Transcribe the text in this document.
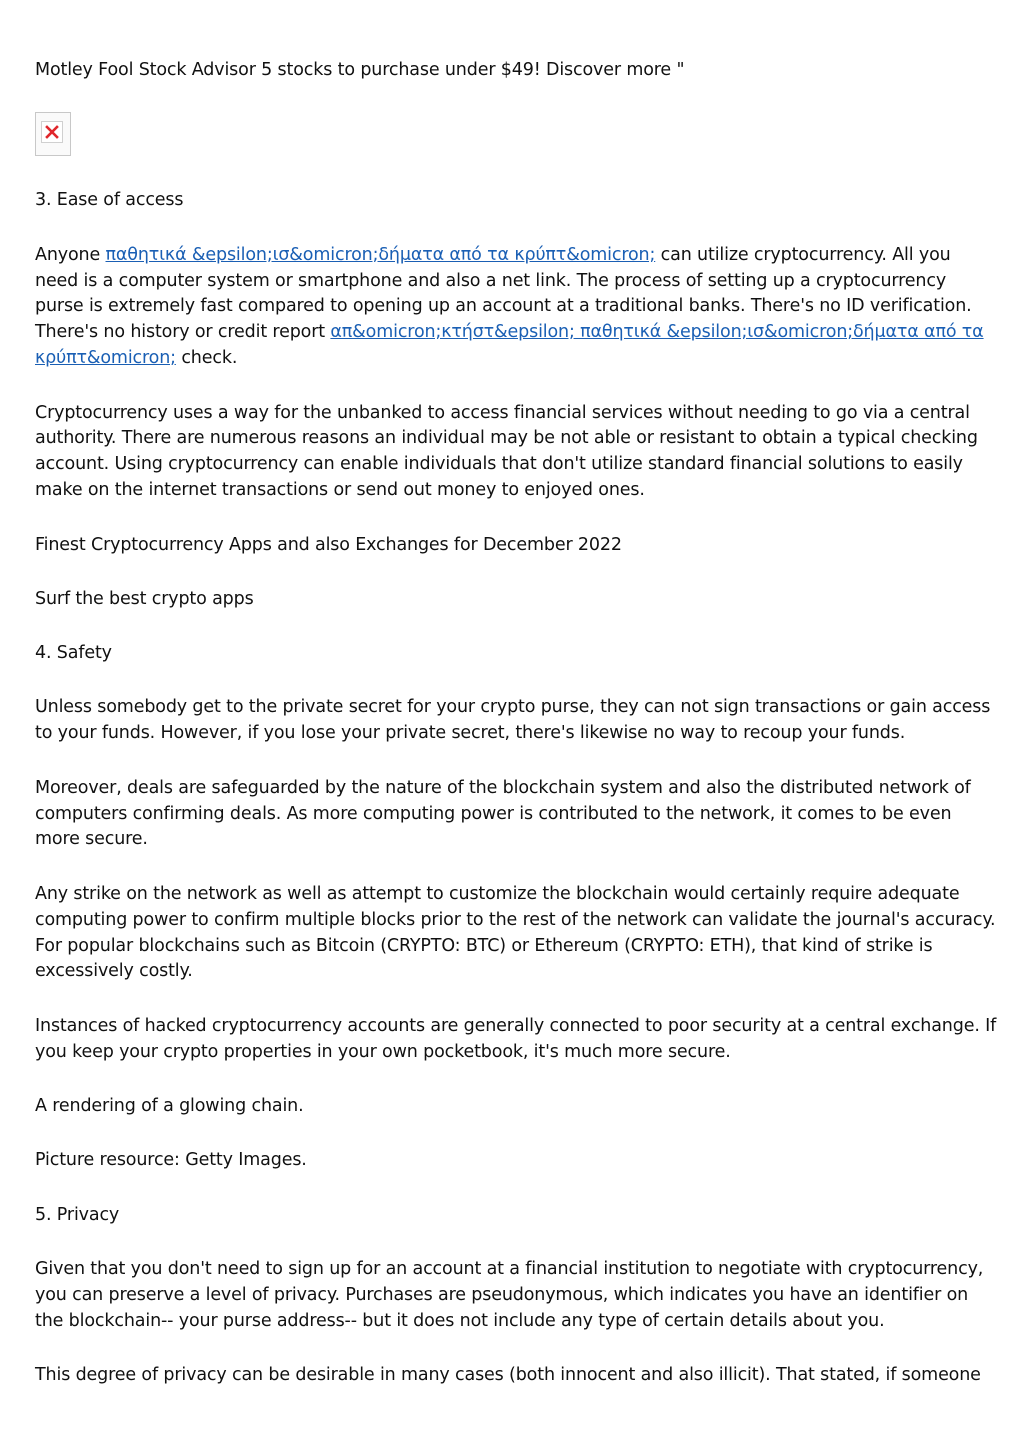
Motley Fool Stock Advisor 5 stocks to purchase under $49! Discover more "

3. Ease of access

Anyone παθητικά &epsilon;ισ&omicron;δήματα από τα κρύπτ&omicron; can utilize cryptocurrency. All you need is a computer system or smartphone and also a net link. The process of setting up a cryptocurrency purse is extremely fast compared to opening up an account at a traditional banks. There's no ID verification. There's no history or credit report απ&omicron;κτήστ&epsilon; παθητικά &epsilon;ισ&omicron;δήματα από τα κρύπτ&omicron; check.

Cryptocurrency uses a way for the unbanked to access financial services without needing to go via a central authority. There are numerous reasons an individual may be not able or resistant to obtain a typical checking account. Using cryptocurrency can enable individuals that don't utilize standard financial solutions to easily make on the internet transactions or send out money to enjoyed ones.

Finest Cryptocurrency Apps and also Exchanges for December 2022

Surf the best crypto apps

4. Safety

Unless somebody get to the private secret for your crypto purse, they can not sign transactions or gain access to your funds. However, if you lose your private secret, there's likewise no way to recoup your funds.

Moreover, deals are safeguarded by the nature of the blockchain system and also the distributed network of computers confirming deals. As more computing power is contributed to the network, it comes to be even more secure.

Any strike on the network as well as attempt to customize the blockchain would certainly require adequate computing power to confirm multiple blocks prior to the rest of the network can validate the journal's accuracy. For popular blockchains such as Bitcoin (CRYPTO: BTC) or Ethereum (CRYPTO: ETH), that kind of strike is excessively costly.

Instances of hacked cryptocurrency accounts are generally connected to poor security at a central exchange. If you keep your crypto properties in your own pocketbook, it's much more secure.

A rendering of a glowing chain.

Picture resource: Getty Images.

5. Privacy

Given that you don't need to sign up for an account at a financial institution to negotiate with cryptocurrency, you can preserve a level of privacy. Purchases are pseudonymous, which indicates you have an identifier on the blockchain-- your purse address-- but it does not include any type of certain details about you.

This degree of privacy can be desirable in many cases (both innocent and also illicit). That stated, if someone
